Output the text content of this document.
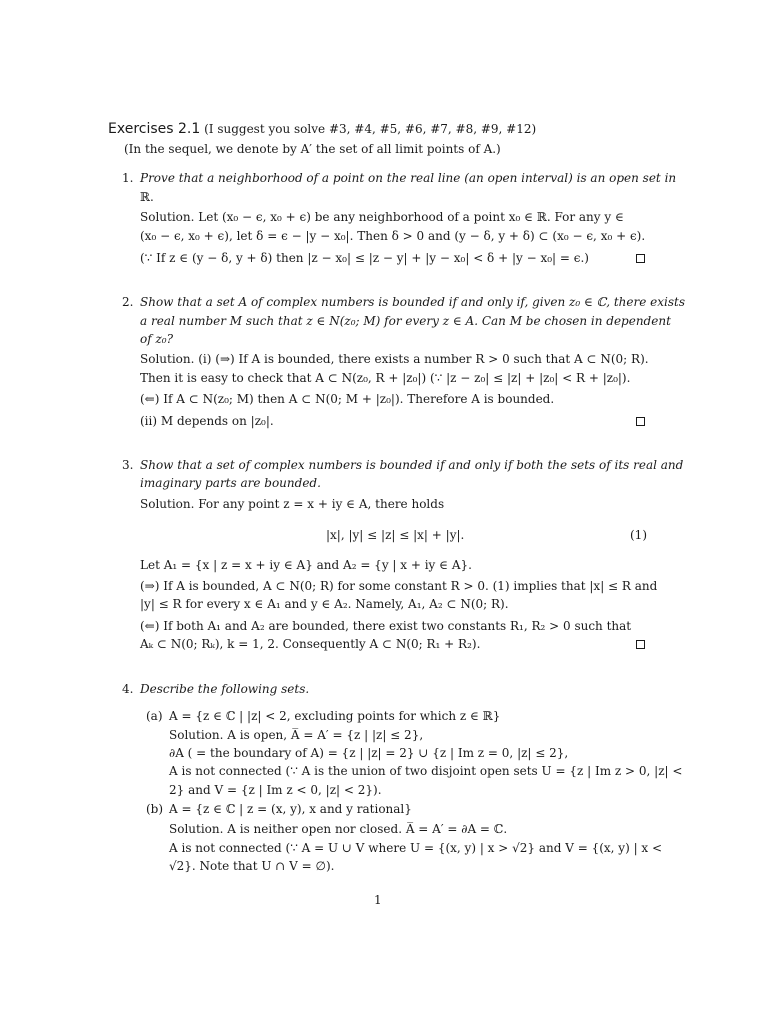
Exercises 2.1 (I suggest you solve #3, #4, #5, #6, #7, #8, #9, #12)
(In the sequel, we denote by A′ the set of all limit points of A.)
1. Prove that a neighborhood of a point on the real line (an open interval) is an open set in
ℝ.
Solution. Let (x₀ − ϵ, x₀ + ϵ) be any neighborhood of a point x₀ ∈ ℝ. For any y ∈
(x₀ − ϵ, x₀ + ϵ), let δ = ϵ − |y − x₀|. Then δ > 0 and (y − δ, y + δ) ⊂ (x₀ − ϵ, x₀ + ϵ).
(∵ If z ∈ (y − δ, y + δ) then |z − x₀| ≤ |z − y| + |y − x₀| < δ + |y − x₀| = ϵ.)
2. Show that a set A of complex numbers is bounded if and only if, given z₀ ∈ ℂ, there exists
a real number M such that z ∈ N(z₀; M) for every z ∈ A. Can M be chosen in dependent
of z₀?
Solution. (i) (⇒) If A is bounded, there exists a number R > 0 such that A ⊂ N(0; R).
Then it is easy to check that A ⊂ N(z₀, R + |z₀|) (∵ |z − z₀| ≤ |z| + |z₀| < R + |z₀|).
(⇐) If A ⊂ N(z₀; M) then A ⊂ N(0; M + |z₀|). Therefore A is bounded.
(ii) M depends on |z₀|.
3. Show that a set of complex numbers is bounded if and only if both the sets of its real and
imaginary parts are bounded.
Solution. For any point z = x + iy ∈ A, there holds
|x|, |y| ≤ |z| ≤ |x| + |y|.	(1)
Let A₁ = {x | z = x + iy ∈ A} and A₂ = {y | x + iy ∈ A}.
(⇒) If A is bounded, A ⊂ N(0; R) for some constant R > 0. (1) implies that |x| ≤ R and
|y| ≤ R for every x ∈ A₁ and y ∈ A₂. Namely, A₁, A₂ ⊂ N(0; R).
(⇐) If both A₁ and A₂ are bounded, there exist two constants R₁, R₂ > 0 such that
Aₖ ⊂ N(0; Rₖ), k = 1, 2. Consequently A ⊂ N(0; R₁ + R₂).
4. Describe the following sets.
(a) A = {z ∈ ℂ | |z| < 2, excluding points for which z ∈ ℝ}
Solution. A is open, A̅ = A′ = {z | |z| ≤ 2},
∂A ( = the boundary of A) = {z | |z| = 2} ∪ {z | Im z = 0, |z| ≤ 2},
A is not connected (∵ A is the union of two disjoint open sets U = {z | Im z > 0, |z| <
2} and V = {z | Im z < 0, |z| < 2}).
(b) A = {z ∈ ℂ | z = (x, y), x and y rational}
Solution. A is neither open nor closed. A̅ = A′ = ∂A = ℂ.
A is not connected (∵ A = U ∪ V where U = {(x, y) | x > √2} and V = {(x, y) | x <
√2}. Note that U ∩ V = ∅).
1
